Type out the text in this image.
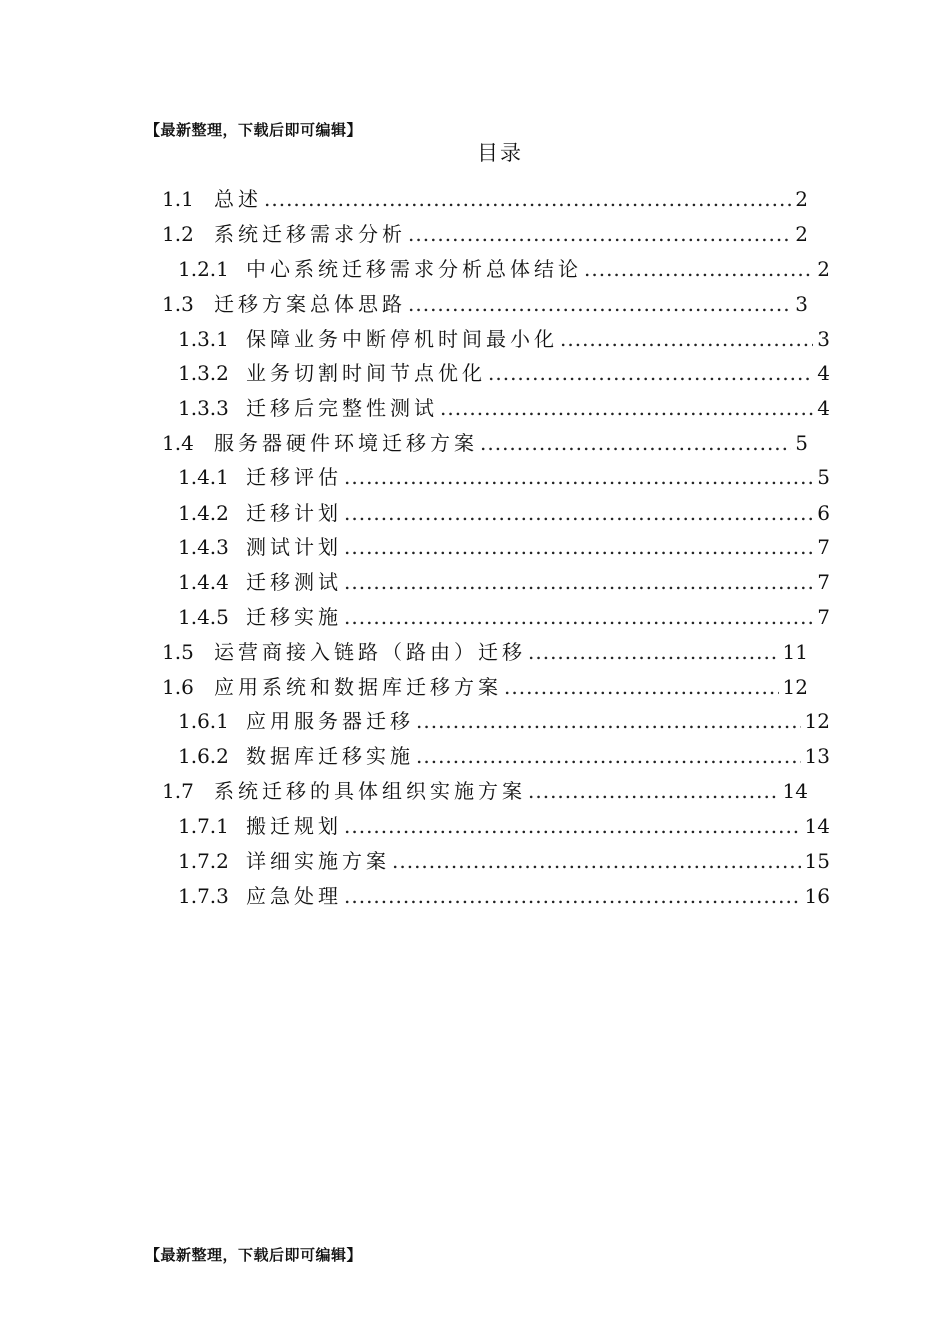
【最新整理，下载后即可编辑】
目录
1.1	总述 .....	2
1.2	系统迁移需求分析 .....	2
1.2.1 中心系统迁移需求分析总体结论 .....	2
1.3	迁移方案总体思路 .....	3
1.3.1 保障业务中断停机时间最小化 .....	3
1.3.2 业务切割时间节点优化 .....	4
1.3.3 迁移后完整性测试 .....	4
1.4	服务器硬件环境迁移方案 .....	5
1.4.1 迁移评估 .....	5
1.4.2 迁移计划 .....	6
1.4.3 测试计划 .....	7
1.4.4 迁移测试 .....	7
1.4.5 迁移实施 .....	7
1.5	运营商接入链路（路由）迁移 .....	11
1.6	应用系统和数据库迁移方案 .....	12
1.6.1 应用服务器迁移 .....	12
1.6.2 数据库迁移实施 .....	13
1.7	系统迁移的具体组织实施方案 .....	14
1.7.1 搬迁规划 .....	14
1.7.2 详细实施方案 .....	15
1.7.3 应急处理 .....	16
【最新整理，下载后即可编辑】
